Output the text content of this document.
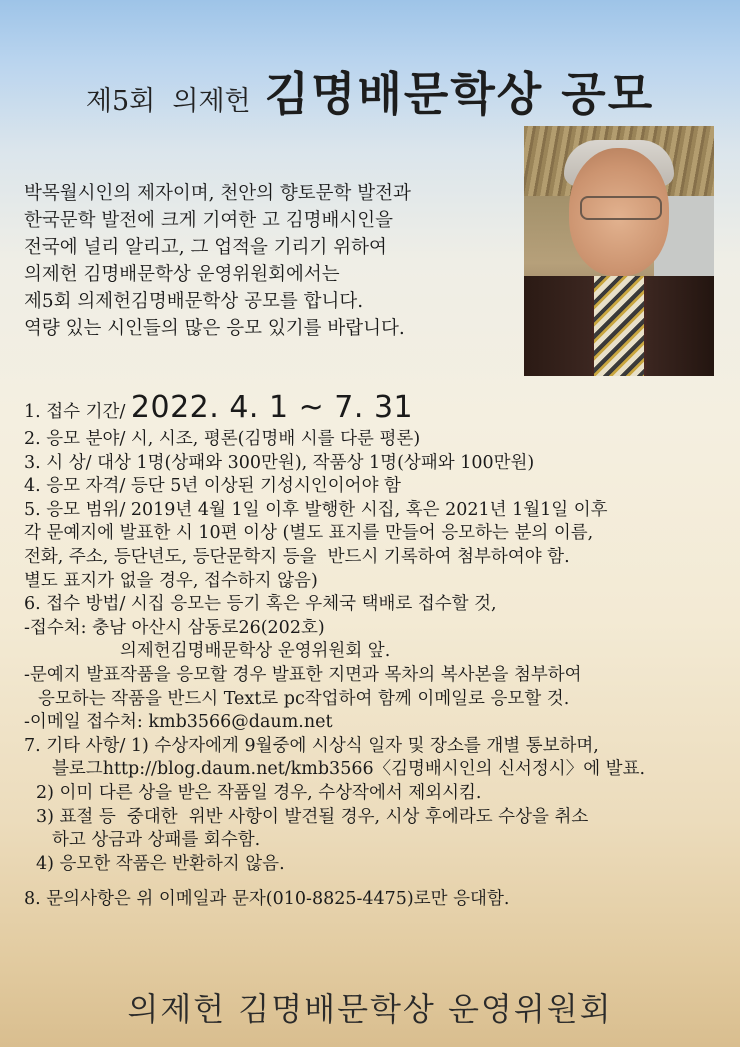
제5회  의제헌 김명배문학상 공모
박목월시인의 제자이며, 천안의 향토문학 발전과
한국문학 발전에 크게 기여한 고 김명배시인을
전국에 널리 알리고, 그 업적을 기리기 위하여
의제헌 김명배문학상 운영위원회에서는
제5회 의제헌김명배문학상 공모를 합니다.
역량 있는 시인들의 많은 응모 있기를 바랍니다.
1. 접수 기간/ 2022. 4. 1 ~ 7. 31
2. 응모 분야/ 시, 시조, 평론(김명배 시를 다룬 평론)
3. 시 상/ 대상 1명(상패와 300만원), 작품상 1명(상패와 100만원)
4. 응모 자격/ 등단 5년 이상된 기성시인이어야 함
5. 응모 범위/ 2019년 4월 1일 이후 발행한 시집, 혹은 2021년 1월1일 이후
각 문예지에 발표한 시 10편 이상 (별도 표지를 만들어 응모하는 분의 이름,
전화, 주소, 등단년도, 등단문학지 등을  반드시 기록하여 첨부하여야 함.
별도 표지가 없을 경우, 접수하지 않음)
6. 접수 방법/ 시집 응모는 등기 혹은 우체국 택배로 접수할 것,
-접수처: 충남 아산시 삼동로26(202호)
의제헌김명배문학상 운영위원회 앞.
-문예지 발표작품을 응모할 경우 발표한 지면과 목차의 복사본을 첨부하여
응모하는 작품을 반드시 Text로 pc작업하여 함께 이메일로 응모할 것.
-이메일 접수처: kmb3566@daum.net
7. 기타 사항/ 1) 수상자에게 9월중에 시상식 일자 및 장소를 개별 통보하며,
블로그http://blog.daum.net/kmb3566〈김명배시인의 신서정시〉에 발표.
2) 이미 다른 상을 받은 작품일 경우, 수상작에서 제외시킴.
3) 표절 등  중대한  위반 사항이 발견될 경우, 시상 후에라도 수상을 취소
하고 상금과 상패를 회수함.
4) 응모한 작품은 반환하지 않음.
8. 문의사항은 위 이메일과 문자(010-8825-4475)로만 응대함.
의제헌 김명배문학상 운영위원회
